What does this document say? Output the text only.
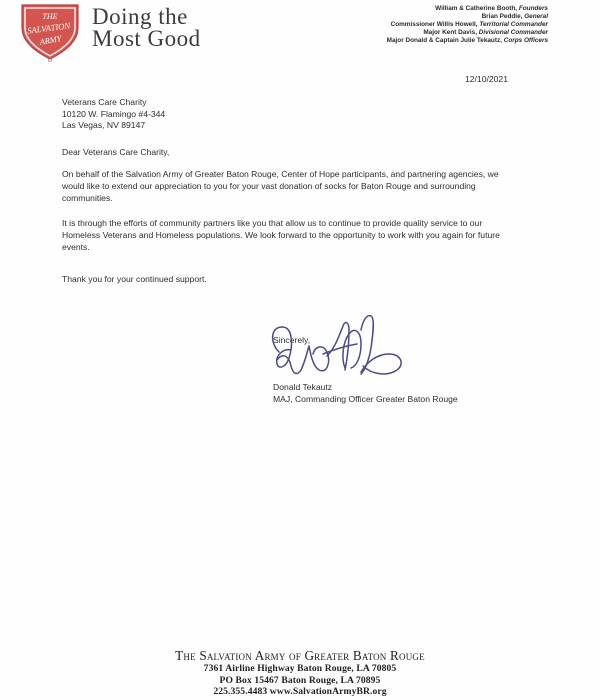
THE
SALVATION
ARMY
Doing the
Most Good
William & Catherine Booth, Founders
Brian Peddle, General
Commissioner Willis Howell, Territorial Commander
Major Kent Davis, Divisional Commander
Major Donald & Captain Julie Tekautz, Corps Officers
12/10/2021
Veterans Care Charity
10120 W. Flamingo #4-344
Las Vegas, NV 89147
Dear Veterans Care Charity,
On behalf of the Salvation Army of Greater Baton Rouge, Center of Hope participants, and partnering agencies, we would like to extend our appreciation to you for your vast donation of socks for Baton Rouge and surrounding communities.
It is through the efforts of community partners like you that allow us to continue to provide quality service to our Homeless Veterans and Homeless populations. We look forward to the opportunity to work with you again for future events.
Thank you for your continued support.
Sincerely,
Donald Tekautz
MAJ, Commanding Officer Greater Baton Rouge
The Salvation Army of Greater Baton Rouge
7361 Airline Highway Baton Rouge, LA 70805
PO Box 15467 Baton Rouge, LA 70895
225.355.4483 www.SalvationArmyBR.org
